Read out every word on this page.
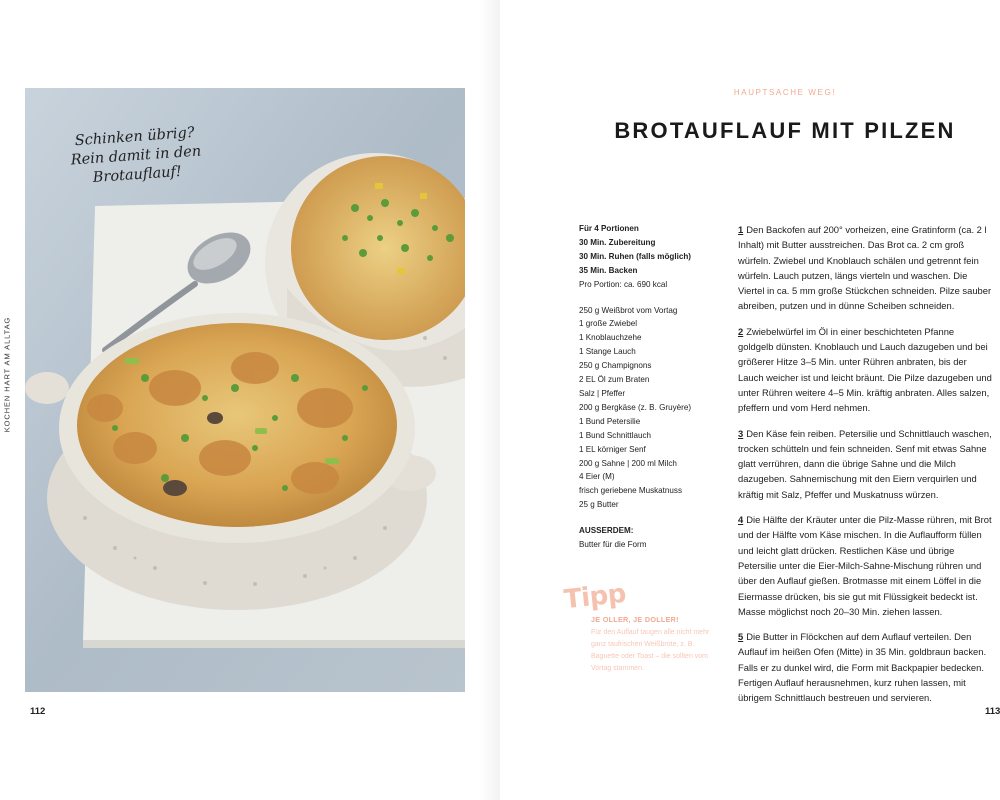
KOCHEN HART AM ALLTAG
Schinken übrig?
Rein damit in den
Brotauflauf!
112
HAUPTSACHE WEG!
BROTAUFLAUF MIT PILZEN
Für 4 Portionen
30 Min. Zubereitung
30 Min. Ruhen (falls möglich)
35 Min. Backen
Pro Portion: ca. 690 kcal
250 g Weißbrot vom Vortag
1 große Zwiebel
1 Knoblauchzehe
1 Stange Lauch
250 g Champignons
2 EL Öl zum Braten
Salz | Pfeffer
200 g Bergkäse (z. B. Gruyère)
1 Bund Petersilie
1 Bund Schnittlauch
1 EL körniger Senf
200 g Sahne | 200 ml Milch
4 Eier (M)
frisch geriebene Muskatnuss
25 g Butter
AUSSERDEM:
Butter für die Form
Tipp
JE OLLER, JE DOLLER!
Für den Auflauf taugen alle nicht mehr ganz taufrischen Weißbrote, z. B. Baguette oder Toast – die sollten vom Vortag stammen.
1 Den Backofen auf 200° vorheizen, eine Gratinform (ca. 2 l Inhalt) mit Butter ausstreichen. Das Brot ca. 2 cm groß würfeln. Zwiebel und Knoblauch schälen und getrennt fein würfeln. Lauch putzen, längs vierteln und waschen. Die Viertel in ca. 5 mm große Stückchen schneiden. Pilze sauber abreiben, putzen und in dünne Scheiben schneiden.
2 Zwiebelwürfel im Öl in einer beschichteten Pfanne goldgelb dünsten. Knoblauch und Lauch dazugeben und bei größerer Hitze 3–5 Min. unter Rühren anbraten, bis der Lauch weicher ist und leicht bräunt. Die Pilze dazugeben und unter Rühren weitere 4–5 Min. kräftig anbraten. Alles salzen, pfeffern und vom Herd nehmen.
3 Den Käse fein reiben. Petersilie und Schnittlauch waschen, trocken schütteln und fein schneiden. Senf mit etwas Sahne glatt verrühren, dann die übrige Sahne und die Milch dazugeben. Sahnemischung mit den Eiern verquirlen und kräftig mit Salz, Pfeffer und Muskatnuss würzen.
4 Die Hälfte der Kräuter unter die Pilz-Masse rühren, mit Brot und der Hälfte vom Käse mischen. In die Auflaufform füllen und leicht glatt drücken. Restlichen Käse und übrige Petersilie unter die Eier-Milch-Sahne-Mischung rühren und über den Auflauf gießen. Brotmasse mit einem Löffel in die Eiermasse drücken, bis sie gut mit Flüssigkeit bedeckt ist. Masse möglichst noch 20–30 Min. ziehen lassen.
5 Die Butter in Flöckchen auf dem Auflauf verteilen. Den Auflauf im heißen Ofen (Mitte) in 35 Min. goldbraun backen. Falls er zu dunkel wird, die Form mit Backpapier bedecken. Fertigen Auflauf herausnehmen, kurz ruhen lassen, mit übrigem Schnittlauch bestreuen und servieren.
113
